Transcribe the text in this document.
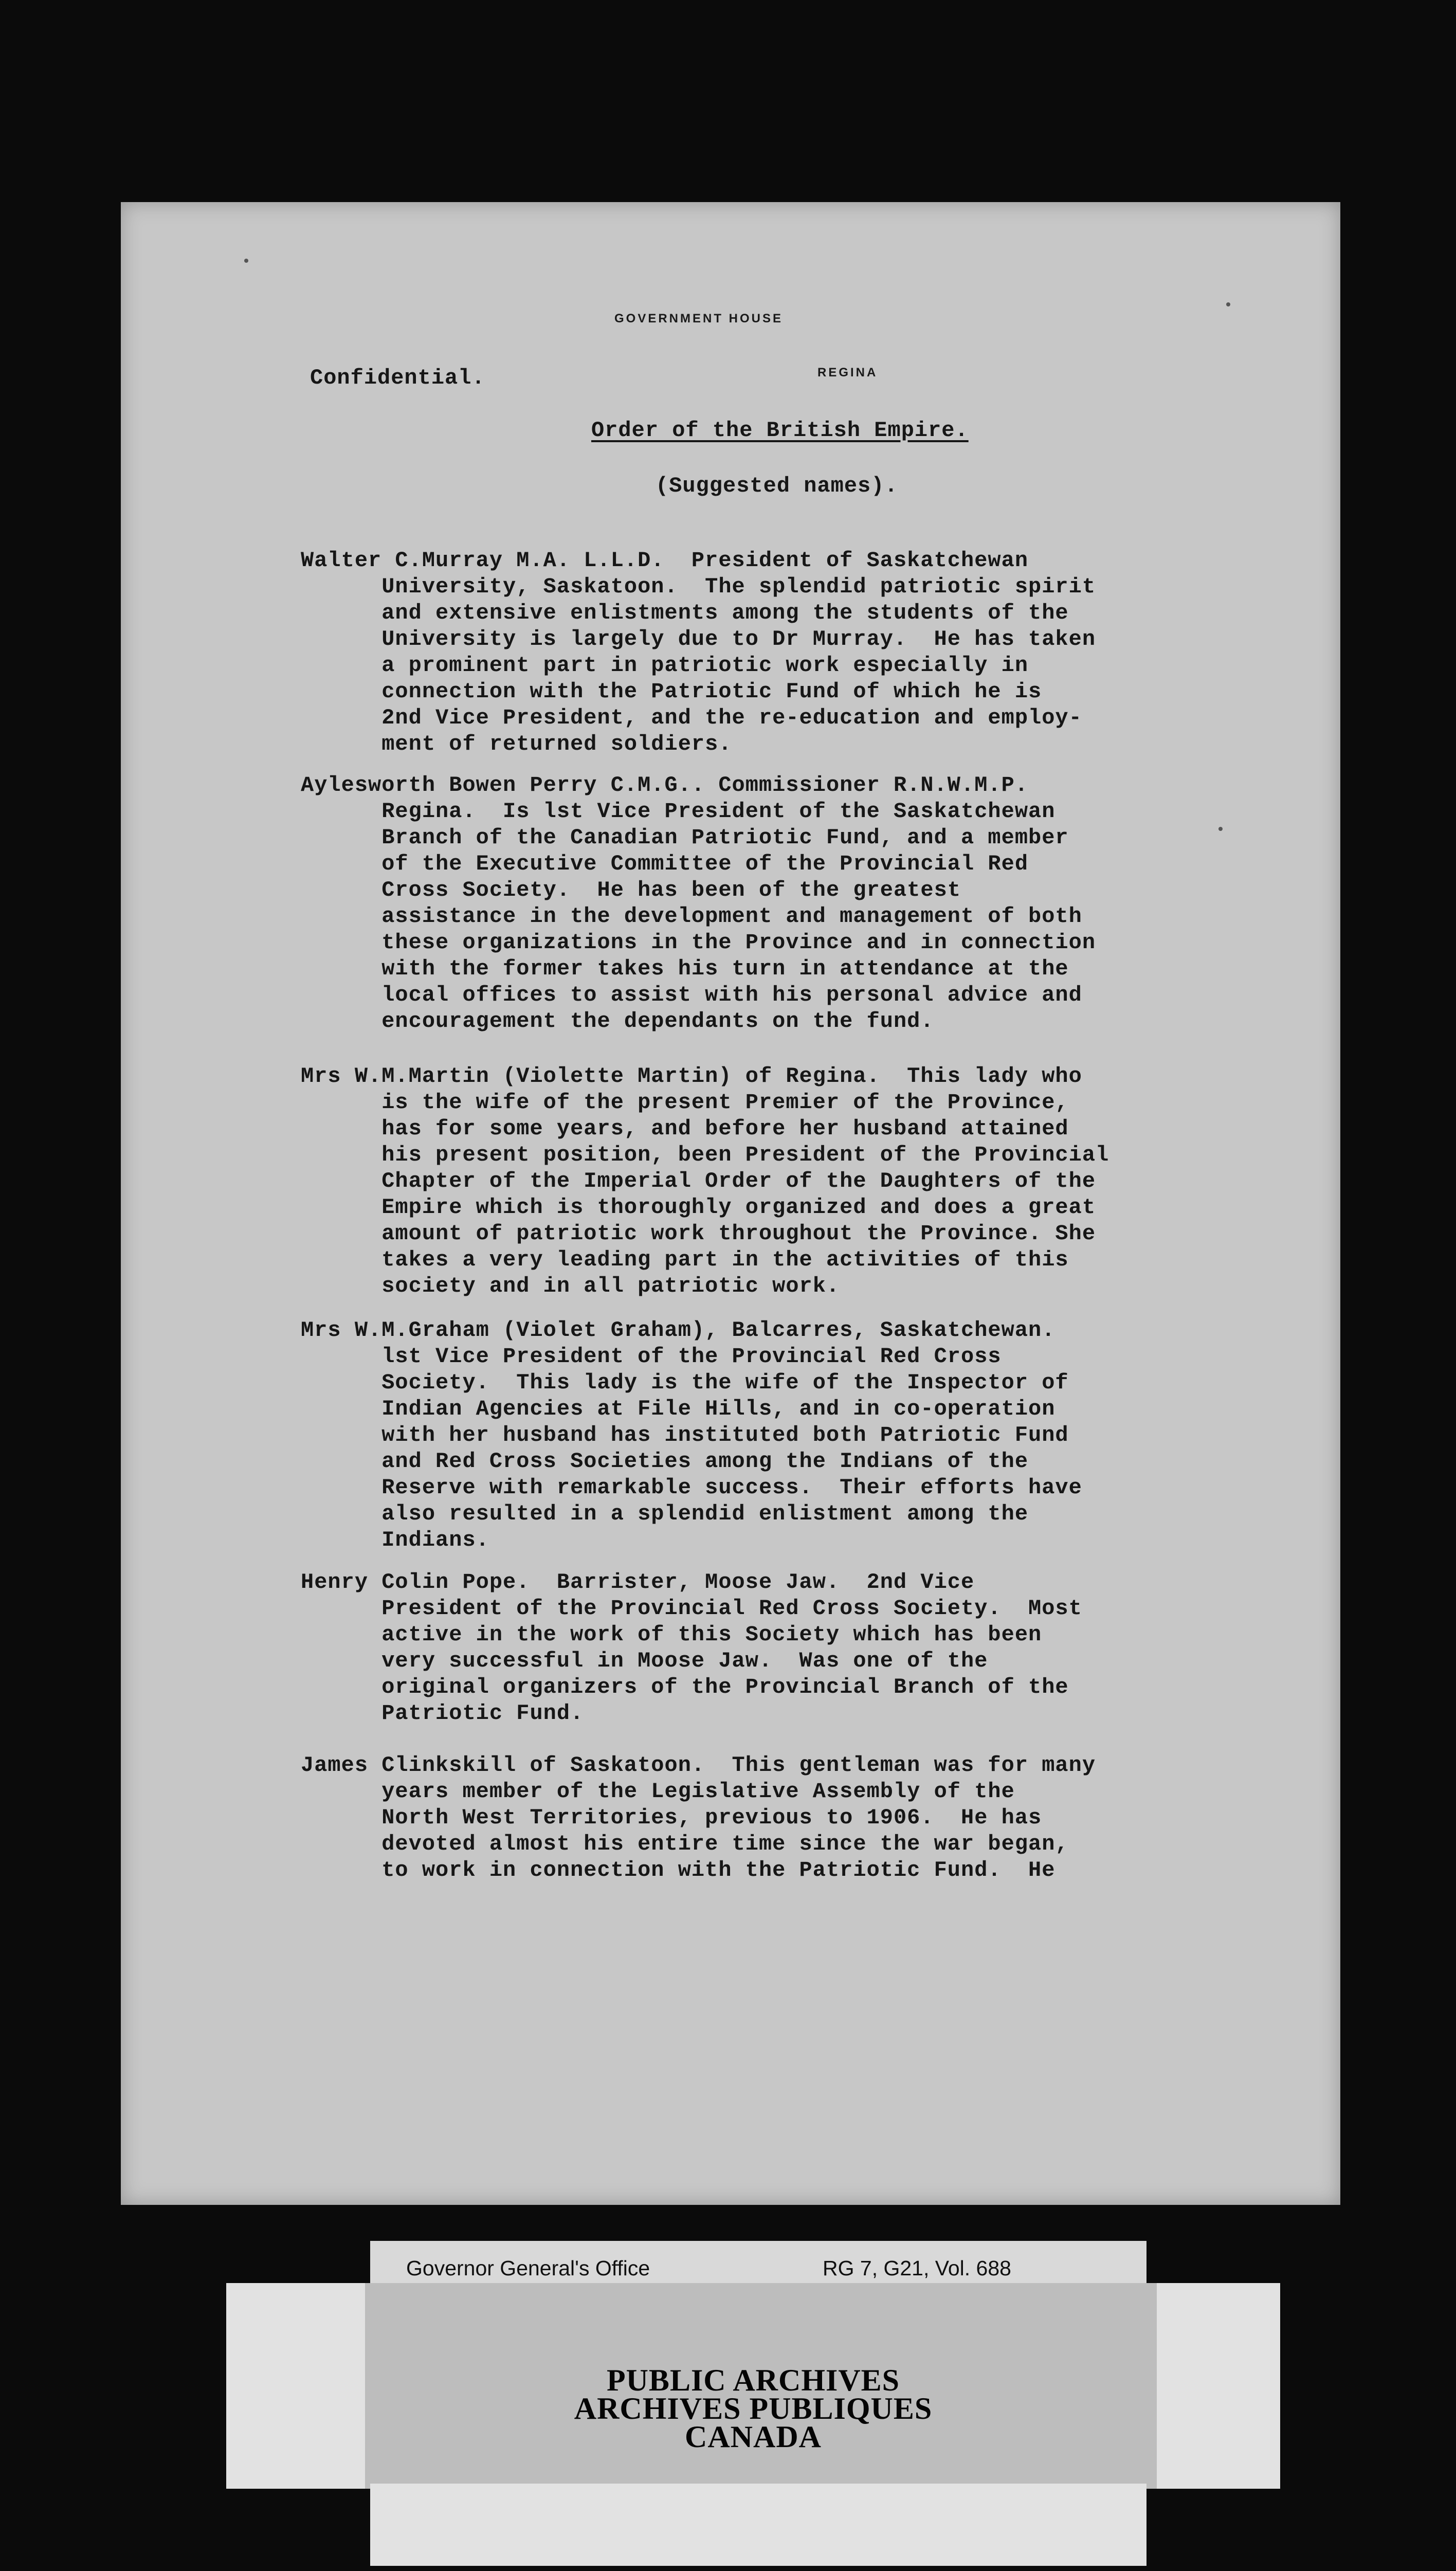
GOVERNMENT HOUSE
REGINA
Confidential.
Order of the British Empire.
(Suggested names).
Walter C.Murray M.A. L.L.D.  President of Saskatchewan
University, Saskatoon.  The splendid patriotic spirit
and extensive enlistments among the students of the
University is largely due to Dr Murray.  He has taken
a prominent part in patriotic work especially in
connection with the Patriotic Fund of which he is
2nd Vice President, and the re-education and employ-
ment of returned soldiers.
Aylesworth Bowen Perry C.M.G.. Commissioner R.N.W.M.P.
Regina.  Is lst Vice President of the Saskatchewan
Branch of the Canadian Patriotic Fund, and a member
of the Executive Committee of the Provincial Red
Cross Society.  He has been of the greatest
assistance in the development and management of both
these organizations in the Province and in connection
with the former takes his turn in attendance at the
local offices to assist with his personal advice and
encouragement the dependants on the fund.
Mrs W.M.Martin (Violette Martin) of Regina.  This lady who
is the wife of the present Premier of the Province,
has for some years, and before her husband attained
his present position, been President of the Provincial
Chapter of the Imperial Order of the Daughters of the
Empire which is thoroughly organized and does a great
amount of patriotic work throughout the Province. She
takes a very leading part in the activities of this
society and in all patriotic work.
Mrs W.M.Graham (Violet Graham), Balcarres, Saskatchewan.
lst Vice President of the Provincial Red Cross
Society.  This lady is the wife of the Inspector of
Indian Agencies at File Hills, and in co-operation
with her husband has instituted both Patriotic Fund
and Red Cross Societies among the Indians of the
Reserve with remarkable success.  Their efforts have
also resulted in a splendid enlistment among the
Indians.
Henry Colin Pope.  Barrister, Moose Jaw.  2nd Vice
President of the Provincial Red Cross Society.  Most
active in the work of this Society which has been
very successful in Moose Jaw.  Was one of the
original organizers of the Provincial Branch of the
Patriotic Fund.
James Clinkskill of Saskatoon.  This gentleman was for many
years member of the Legislative Assembly of the
North West Territories, previous to 1906.  He has
devoted almost his entire time since the war began,
to work in connection with the Patriotic Fund.  He
Governor General's Office	RG 7, G21, Vol. 688
PUBLIC ARCHIVES
ARCHIVES PUBLIQUES
CANADA
